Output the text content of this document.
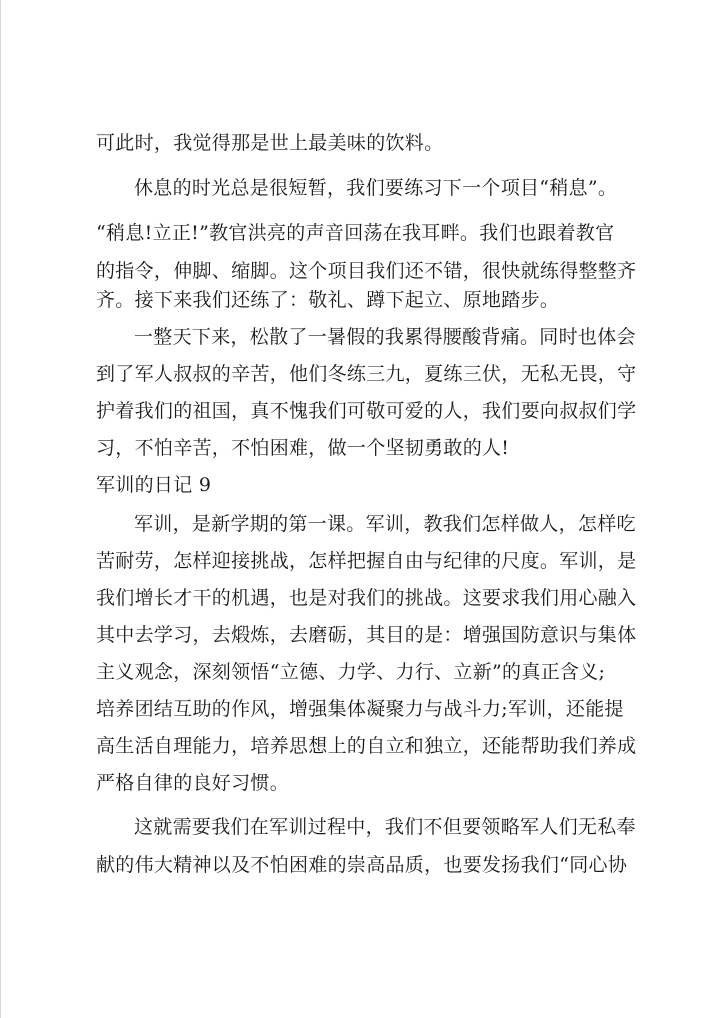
可此时，我觉得那是世上最美味的饮料。
休息的时光总是很短暂，我们要练习下一个项目“稍息”。
“稍息!立正!”教官洪亮的声音回荡在我耳畔。我们也跟着教官
的指令，伸脚、缩脚。这个项目我们还不错，很快就练得整整齐
齐。接下来我们还练了：敬礼、蹲下起立、原地踏步。
一整天下来，松散了一暑假的我累得腰酸背痛。同时也体会
到了军人叔叔的辛苦，他们冬练三九，夏练三伏，无私无畏，守
护着我们的祖国，真不愧我们可敬可爱的人，我们要向叔叔们学
习，不怕辛苦，不怕困难，做一个坚韧勇敢的人!
军训的日记 9
军训，是新学期的第一课。军训，教我们怎样做人，怎样吃
苦耐劳，怎样迎接挑战，怎样把握自由与纪律的尺度。军训，是
我们增长才干的机遇，也是对我们的挑战。这要求我们用心融入
其中去学习，去煅炼，去磨砺，其目的是：增强国防意识与集体
主义观念，深刻领悟“立德、力学、力行、立新”的真正含义;
培养团结互助的作风，增强集体凝聚力与战斗力;军训，还能提
高生活自理能力，培养思想上的自立和独立，还能帮助我们养成
严格自律的良好习惯。
这就需要我们在军训过程中，我们不但要领略军人们无私奉
献的伟大精神以及不怕困难的崇高品质，也要发扬我们“同心协
